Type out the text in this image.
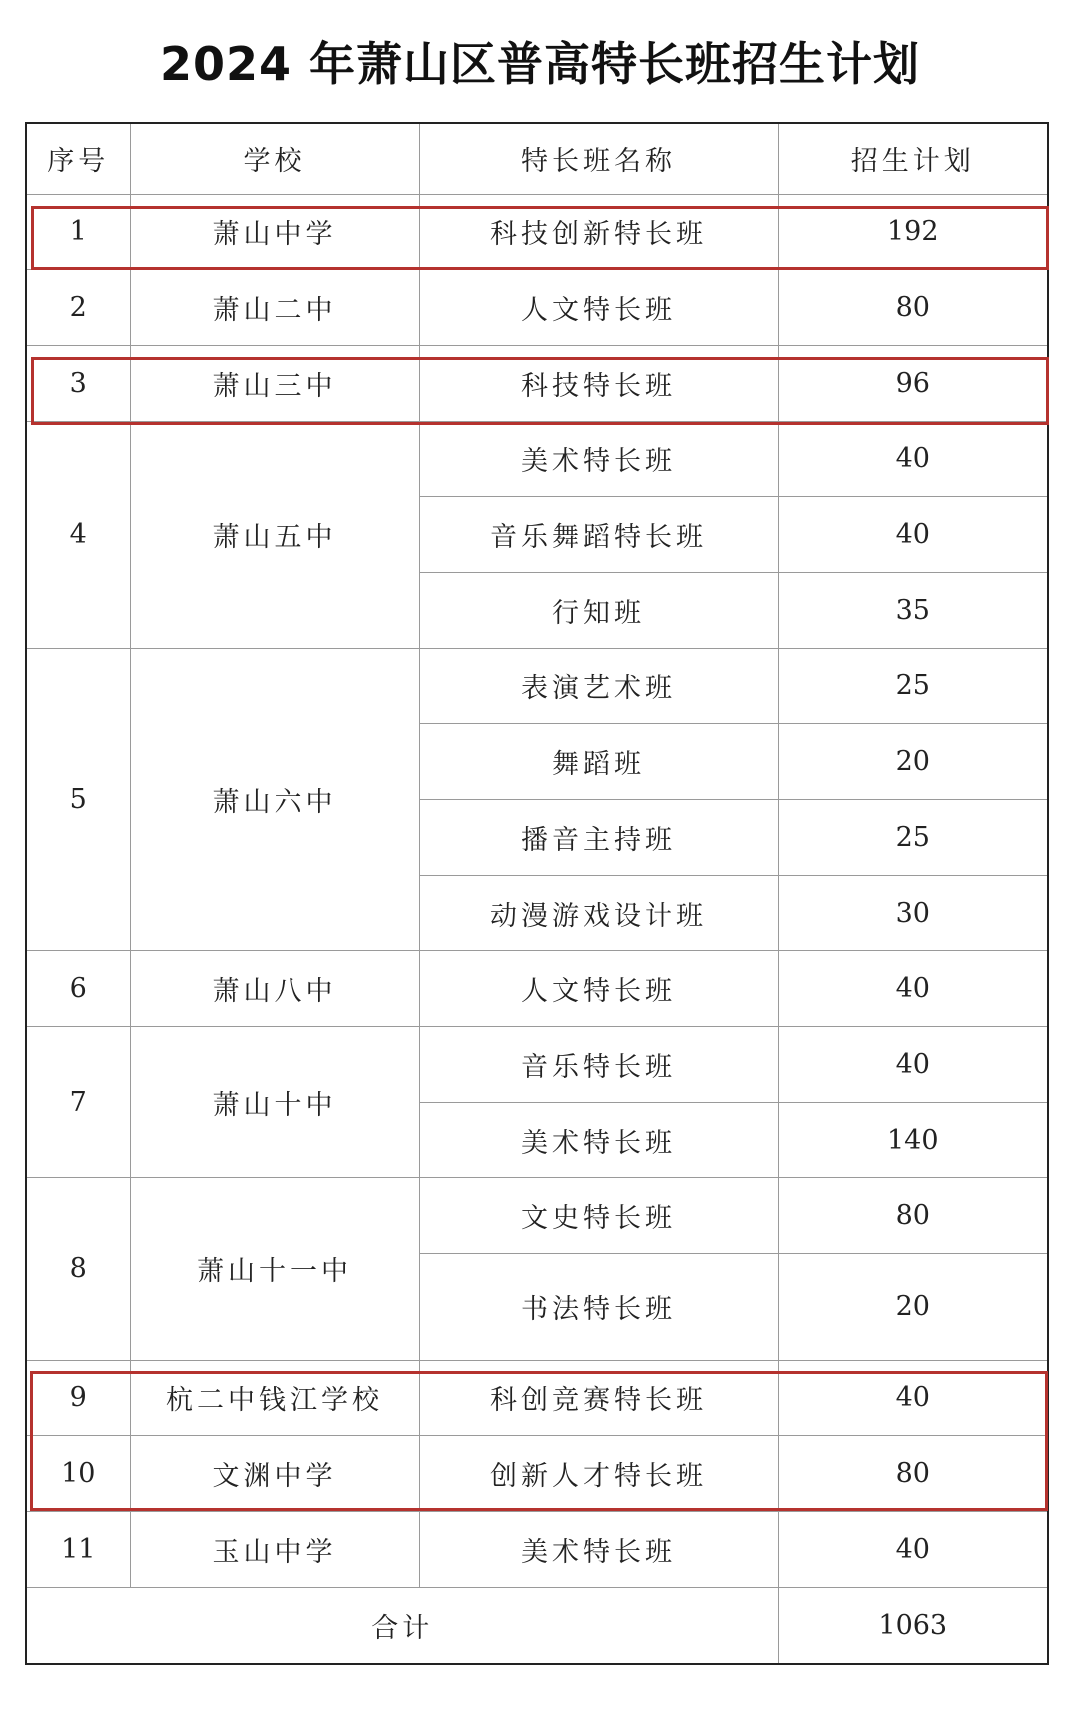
2024 年萧山区普高特长班招生计划
序号	学校	特长班名称	招生计划
1	萧山中学	科技创新特长班	192
2	萧山二中	人文特长班	80
3	萧山三中	科技特长班	96
4	萧山五中	美术特长班	40
		音乐舞蹈特长班	40
		行知班	35
5	萧山六中	表演艺术班	25
		舞蹈班	20
		播音主持班	25
		动漫游戏设计班	30
6	萧山八中	人文特长班	40
7	萧山十中	音乐特长班	40
		美术特长班	140
8	萧山十一中	文史特长班	80
		书法特长班	20
9	杭二中钱江学校	科创竞赛特长班	40
10	文渊中学	创新人才特长班	80
11	玉山中学	美术特长班	40
合计			1063
